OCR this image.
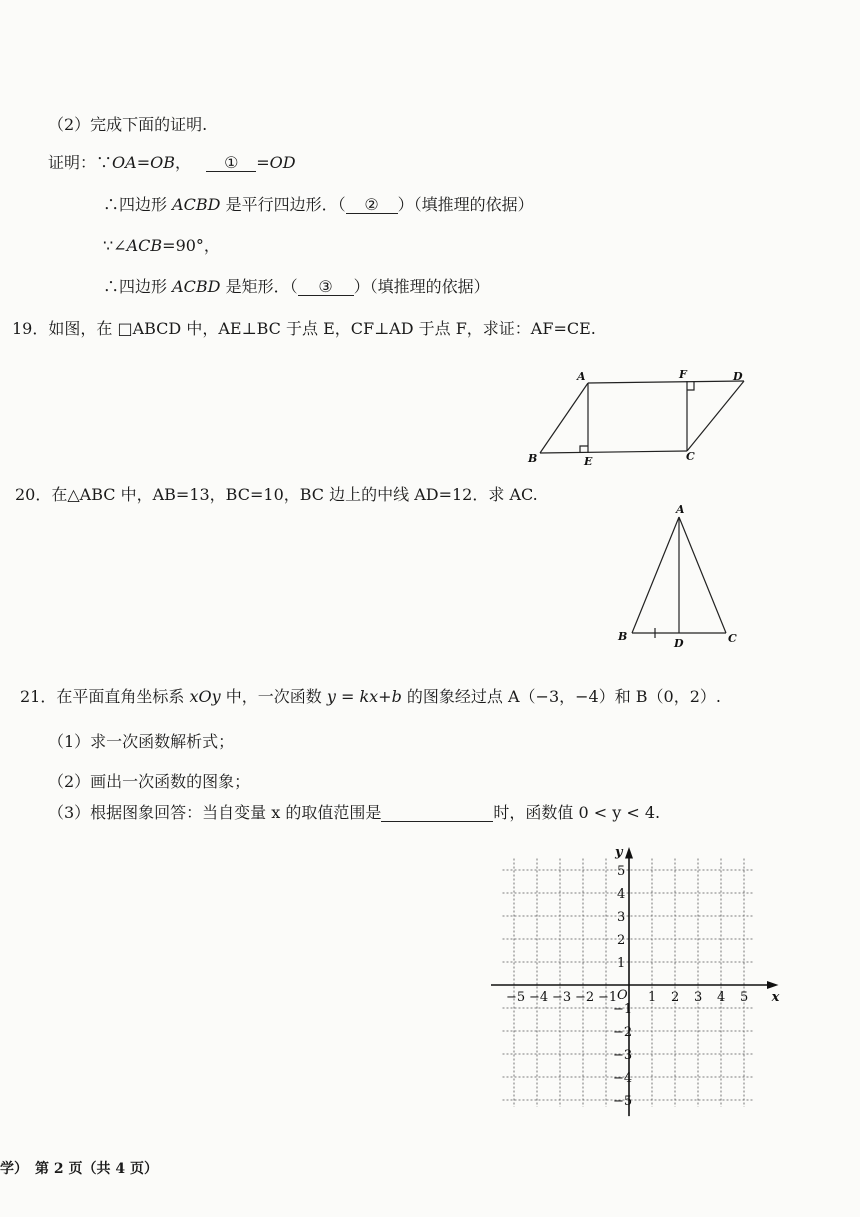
（2）完成下面的证明.
证明：∵OA=OB， ① =OD
∴四边形 ACBD 是平行四边形．（ ② ）（填推理的依据）
∵∠ACB=90°，
∴四边形 ACBD 是矩形．（ ③ ）（填推理的依据）
19．如图，在 □ABCD 中，AE⊥BC 于点 E，CF⊥AD 于点 F，求证：AF=CE.
A	F	D
B	E	C
A
B
D	C
20．在△ABC 中，AB=13，BC=10，BC 边上的中线 AD=12．求 AC.
21．在平面直角坐标系 xOy 中，一次函数 y = kx+b 的图象经过点 A（−3，−4）和 B（0，2）.
（1）求一次函数解析式；
（2）画出一次函数的图象；
（3）根据图象回答：当自变量 x 的取值范围是	时，函数值 0 < y < 4.
x
y
O
−5 −4 −3 −2 −1 1 2 3 4 5
5
4
3
2
1
−1
−2
−3
−4
−5
学）　第 2 页（共 4 页）
